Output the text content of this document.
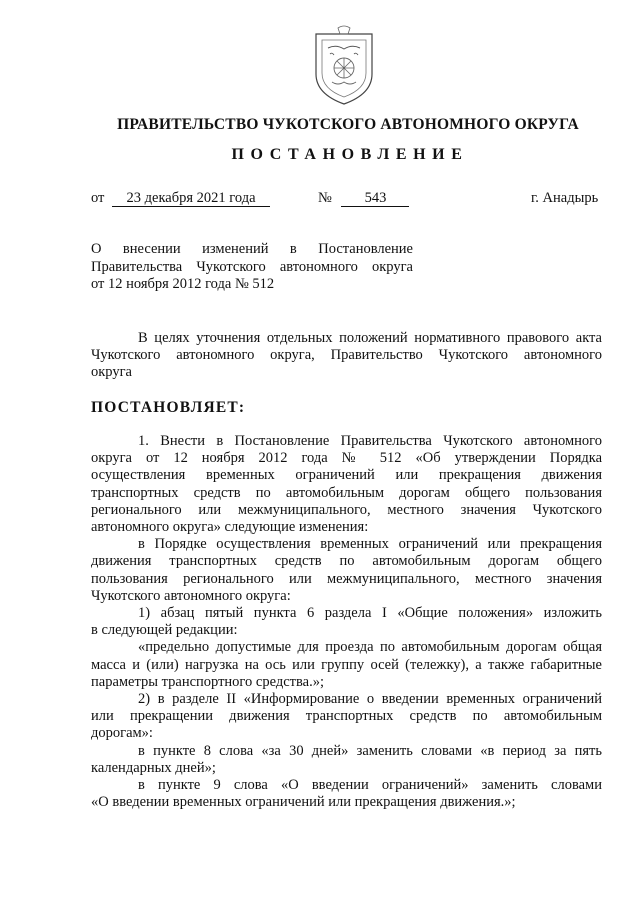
ПРАВИТЕЛЬСТВО ЧУКОТСКОГО АВТОНОМНОГО ОКРУГА
ПОСТАНОВЛЕНИЕ
от 23 декабря 2021 года	№ 543	г. Анадырь
О внесении изменений в Постановление
Правительства Чукотского автономного округа
от 12 ноября 2012 года № 512
В целях уточнения отдельных положений нормативного правового акта
Чукотского автономного округа, Правительство Чукотского автономного
округа
ПОСТАНОВЛЯЕТ:
1. Внести в Постановление Правительства Чукотского автономного
округа от 12 ноября 2012 года № 512 «Об утверждении Порядка
осуществления временных ограничений или прекращения движения
транспортных средств по автомобильным дорогам общего пользования
регионального или межмуниципального, местного значения Чукотского
автономного округа» следующие изменения:
в Порядке осуществления временных ограничений или прекращения
движения транспортных средств по автомобильным дорогам общего
пользования регионального или межмуниципального, местного значения
Чукотского автономного округа:
1) абзац пятый пункта 6 раздела I «Общие положения» изложить
в следующей редакции:
«предельно допустимые для проезда по автомобильным дорогам общая
масса и (или) нагрузка на ось или группу осей (тележку), а также габаритные
параметры транспортного средства.»;
2) в разделе II «Информирование о введении временных ограничений
или прекращении движения транспортных средств по автомобильным
дорогам»:
в пункте 8 слова «за 30 дней» заменить словами «в период за пять
календарных дней»;
в пункте 9 слова «О введении ограничений» заменить словами
«О введении временных ограничений или прекращения движения.»;
